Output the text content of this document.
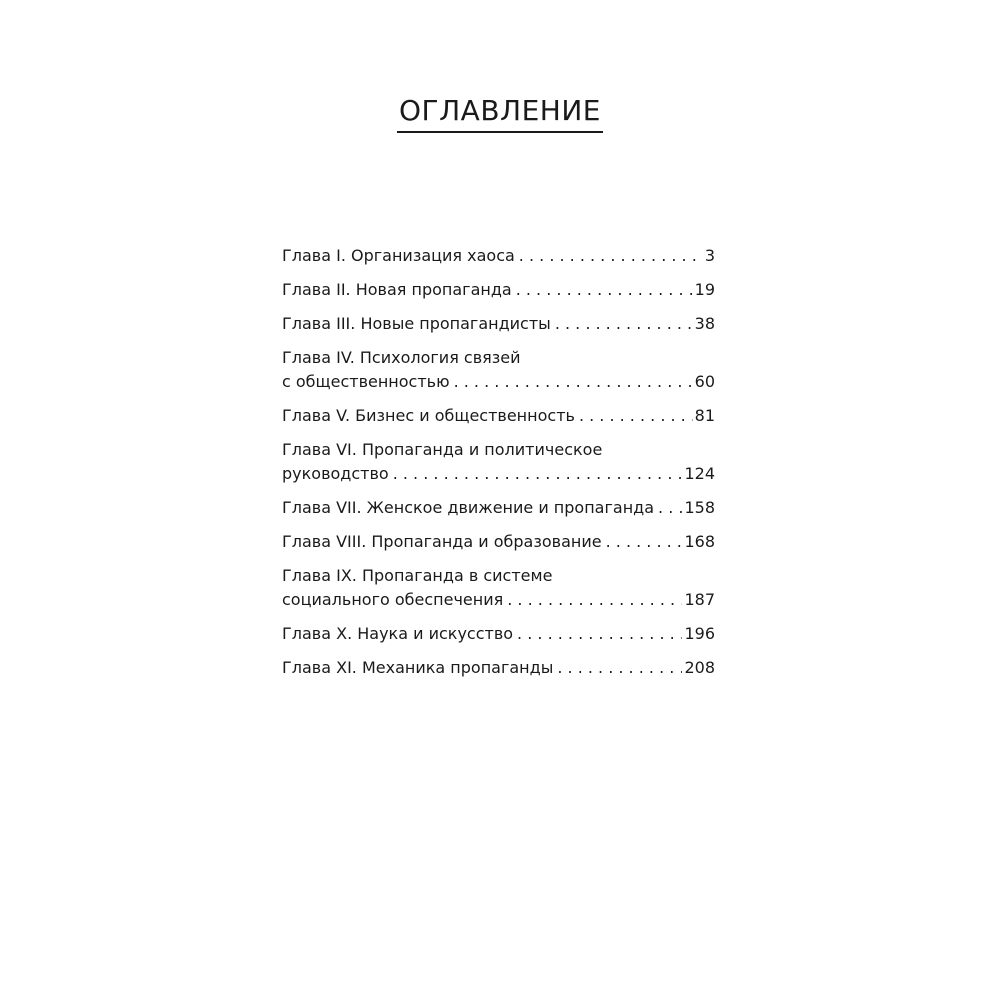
ОГЛАВЛЕНИЕ
Глава I. Организация хаоса . . .	3
Глава II. Новая пропаганда . . .	19
Глава III. Новые пропагандисты . . .	38
Глава IV. Психология связей
с общественностью . . .	60
Глава V. Бизнес и общественность . . .	81
Глава VI. Пропаганда и политическое
руководство . . .	124
Глава VII. Женское движение и пропаганда . . . 158
Глава VIII. Пропаганда и образование . . .	168
Глава IX. Пропаганда в системе
социального обеспечения . . .	187
Глава X. Наука и искусство . . .	196
Глава XI. Механика пропаганды . . .	208
